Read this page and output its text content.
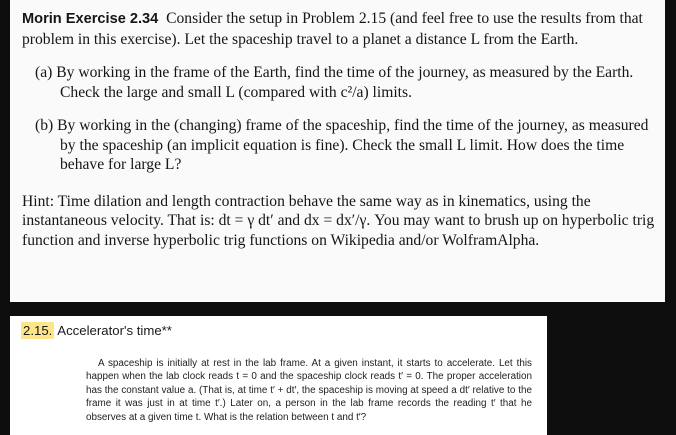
Morin Exercise 2.34 Consider the setup in Problem 2.15 (and feel free to use the results from that problem in this exercise). Let the spaceship travel to a planet a distance L from the Earth.

(a) By working in the frame of the Earth, find the time of the journey, as measured by the Earth. Check the large and small L (compared with c²/a) limits.

(b) By working in the (changing) frame of the spaceship, find the time of the journey, as measured by the spaceship (an implicit equation is fine). Check the small L limit. How does the time behave for large L?

Hint: Time dilation and length contraction behave the same way as in kinematics, using the instantaneous velocity. That is: dt = γ dt′ and dx = dx′/γ. You may want to brush up on hyperbolic trig function and inverse hyperbolic trig functions on Wikipedia and/or WolframAlpha.

2.15. Accelerator's time**

A spaceship is initially at rest in the lab frame. At a given instant, it starts to accelerate. Let this happen when the lab clock reads t = 0 and the spaceship clock reads t′ = 0. The proper acceleration has the constant value a. (That is, at time t′ + dt′, the spaceship is moving at speed a dt′ relative to the frame it was just in at time t′.) Later on, a person in the lab frame records the reading t′ that he observes at a given time t. What is the relation between t and t′?
